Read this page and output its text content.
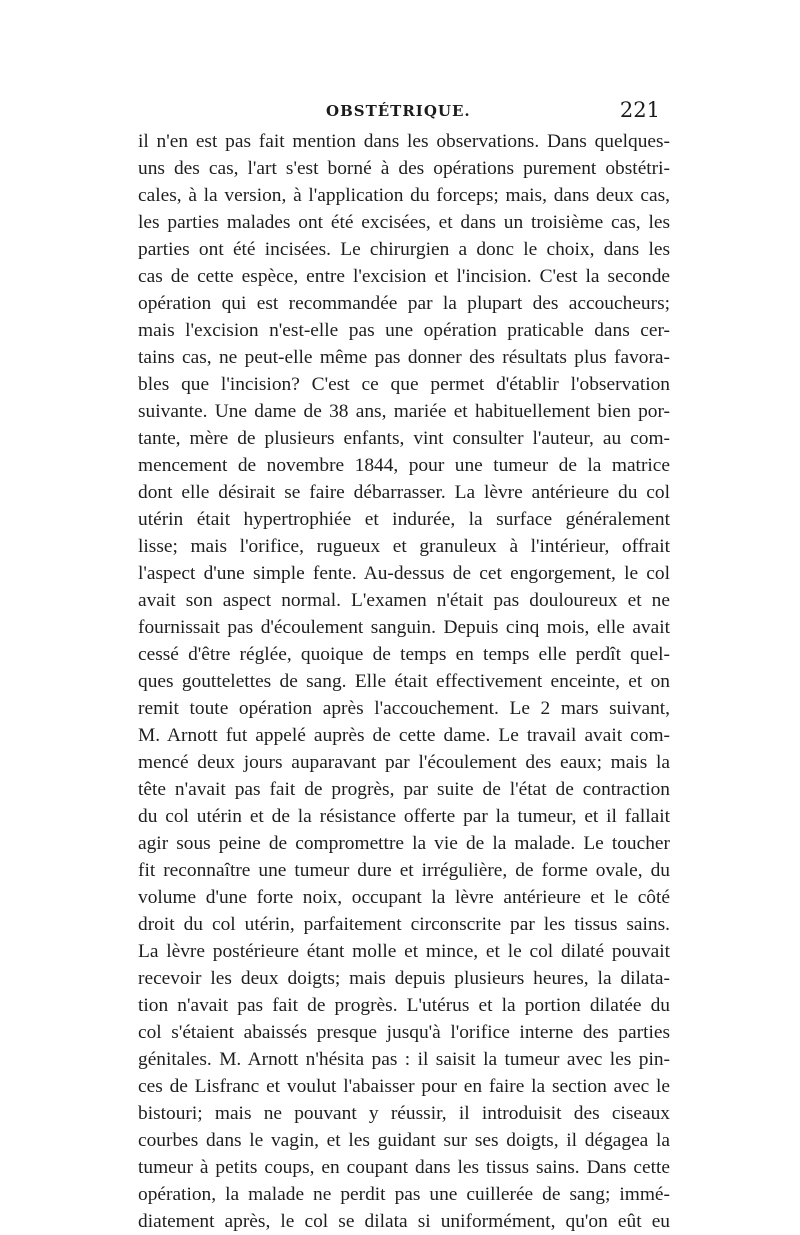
OBSTÉTRIQUE.	221
il n'en est pas fait mention dans les observations. Dans quelques-
uns des cas, l'art s'est borné à des opérations purement obstétri-
cales, à la version, à l'application du forceps; mais, dans deux cas,
les parties malades ont été excisées, et dans un troisième cas, les
parties ont été incisées. Le chirurgien a donc le choix, dans les
cas de cette espèce, entre l'excision et l'incision. C'est la seconde
opération qui est recommandée par la plupart des accoucheurs;
mais l'excision n'est-elle pas une opération praticable dans cer-
tains cas, ne peut-elle même pas donner des résultats plus favora-
bles que l'incision? C'est ce que permet d'établir l'observation
suivante. Une dame de 38 ans, mariée et habituellement bien por-
tante, mère de plusieurs enfants, vint consulter l'auteur, au com-
mencement de novembre 1844, pour une tumeur de la matrice
dont elle désirait se faire débarrasser. La lèvre antérieure du col
utérin était hypertrophiée et indurée, la surface généralement
lisse; mais l'orifice, rugueux et granuleux à l'intérieur, offrait
l'aspect d'une simple fente. Au-dessus de cet engorgement, le col
avait son aspect normal. L'examen n'était pas douloureux et ne
fournissait pas d'écoulement sanguin. Depuis cinq mois, elle avait
cessé d'être réglée, quoique de temps en temps elle perdît quel-
ques gouttelettes de sang. Elle était effectivement enceinte, et on
remit toute opération après l'accouchement. Le 2 mars suivant,
M. Arnott fut appelé auprès de cette dame. Le travail avait com-
mencé deux jours auparavant par l'écoulement des eaux; mais la
tête n'avait pas fait de progrès, par suite de l'état de contraction
du col utérin et de la résistance offerte par la tumeur, et il fallait
agir sous peine de compromettre la vie de la malade. Le toucher
fit reconnaître une tumeur dure et irrégulière, de forme ovale, du
volume d'une forte noix, occupant la lèvre antérieure et le côté
droit du col utérin, parfaitement circonscrite par les tissus sains.
La lèvre postérieure étant molle et mince, et le col dilaté pouvait
recevoir les deux doigts; mais depuis plusieurs heures, la dilata-
tion n'avait pas fait de progrès. L'utérus et la portion dilatée du
col s'étaient abaissés presque jusqu'à l'orifice interne des parties
génitales. M. Arnott n'hésita pas : il saisit la tumeur avec les pin-
ces de Lisfranc et voulut l'abaisser pour en faire la section avec le
bistouri; mais ne pouvant y réussir, il introduisit des ciseaux
courbes dans le vagin, et les guidant sur ses doigts, il dégagea la
tumeur à petits coups, en coupant dans les tissus sains. Dans cette
opération, la malade ne perdit pas une cuillerée de sang; immé-
diatement après, le col se dilata si uniformément, qu'on eût eu
